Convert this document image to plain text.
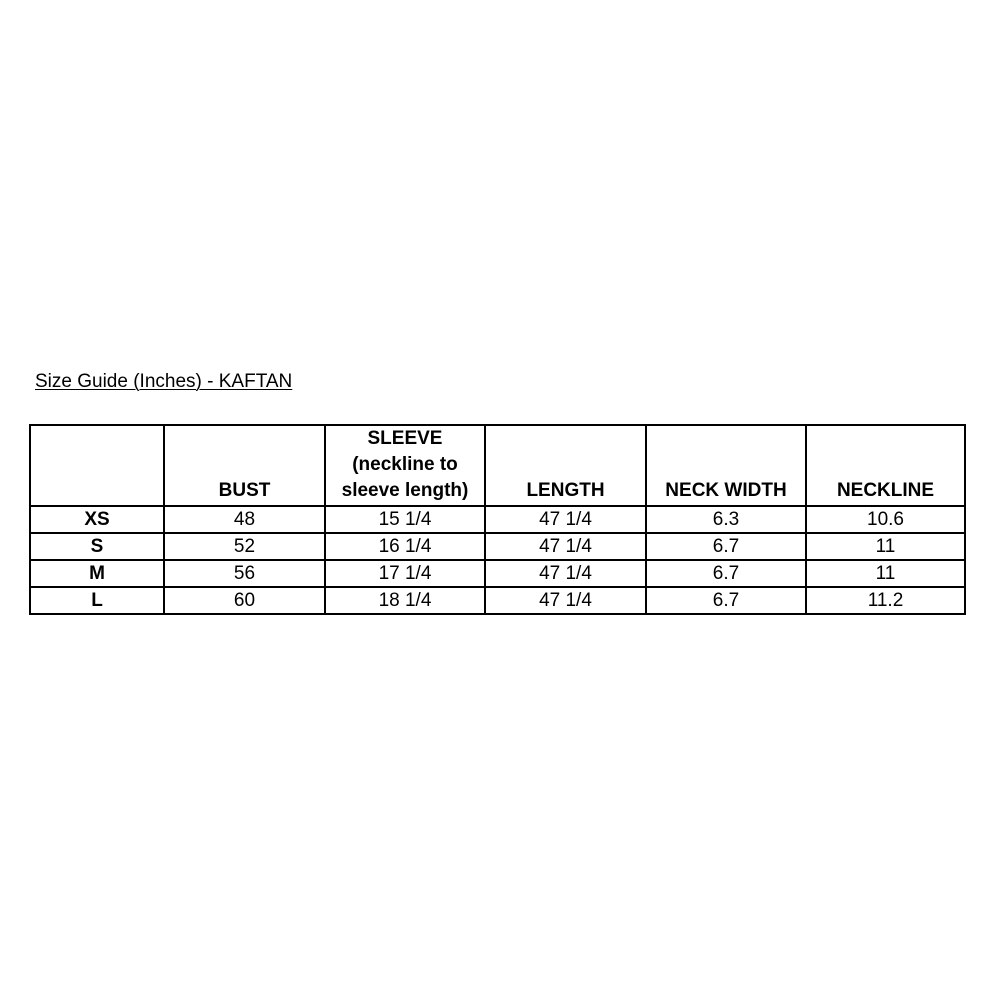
Size Guide (Inches) - KAFTAN
	BUST	SLEEVE
(neckline to
sleeve length)	LENGTH	NECK WIDTH	NECKLINE
XS	48	15 1/4	47 1/4	6.3	10.6
S	52	16 1/4	47 1/4	6.7	11
M	56	17 1/4	47 1/4	6.7	11
L	60	18 1/4	47 1/4	6.7	11.2
